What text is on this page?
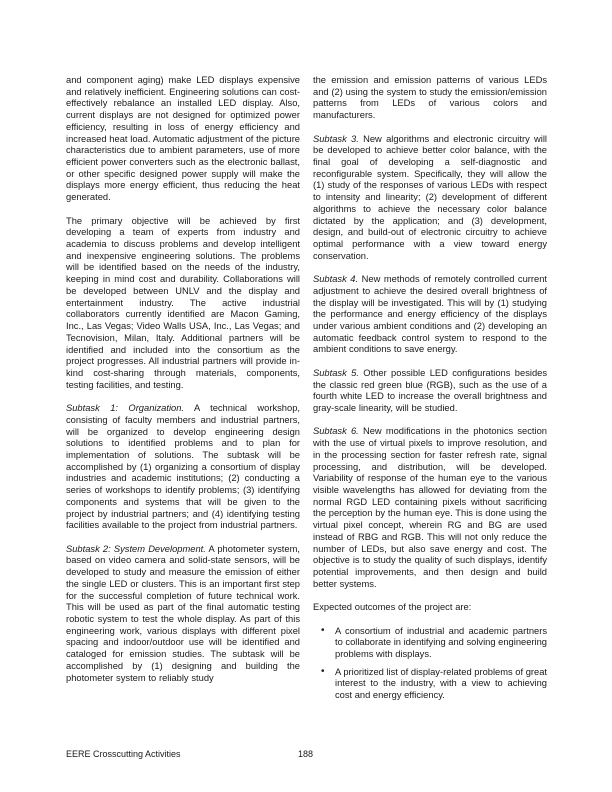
and component aging) make LED displays expensive and relatively inefficient. Engineering solutions can cost-effectively rebalance an installed LED display. Also, current displays are not designed for optimized power efficiency, resulting in loss of energy efficiency and increased heat load. Automatic adjustment of the picture characteristics due to ambient parameters, use of more efficient power converters such as the electronic ballast, or other specific designed power supply will make the displays more energy efficient, thus reducing the heat generated.

The primary objective will be achieved by first developing a team of experts from industry and academia to discuss problems and develop intelligent and inexpensive engineering solutions. The problems will be identified based on the needs of the industry, keeping in mind cost and durability. Collaborations will be developed between UNLV and the display and entertainment industry. The active industrial collaborators currently identified are Macon Gaming, Inc., Las Vegas; Video Walls USA, Inc., Las Vegas; and Tecnovision, Milan, Italy. Additional partners will be identified and included into the consortium as the project progresses. All industrial partners will provide in-kind cost-sharing through materials, components, testing facilities, and testing.

Subtask 1: Organization. A technical workshop, consisting of faculty members and industrial partners, will be organized to develop engineering design solutions to identified problems and to plan for implementation of solutions. The subtask will be accomplished by (1) organizing a consortium of display industries and academic institutions; (2) conducting a series of workshops to identify problems; (3) identifying components and systems that will be given to the project by industrial partners; and (4) identifying testing facilities available to the project from industrial partners.

Subtask 2: System Development. A photometer system, based on video camera and solid-state sensors, will be developed to study and measure the emission of either the single LED or clusters. This is an important first step for the successful completion of future technical work. This will be used as part of the final automatic testing robotic system to test the whole display. As part of this engineering work, various displays with different pixel spacing and indoor/outdoor use will be identified and cataloged for emission studies. The subtask will be accomplished by (1) designing and building the photometer system to reliably study

the emission and emission patterns of various LEDs and (2) using the system to study the emission/emission patterns from LEDs of various colors and manufacturers.

Subtask 3. New algorithms and electronic circuitry will be developed to achieve better color balance, with the final goal of developing a self-diagnostic and reconfigurable system. Specifically, they will allow the (1) study of the responses of various LEDs with respect to intensity and linearity; (2) development of different algorithms to achieve the necessary color balance dictated by the application; and (3) development, design, and build-out of electronic circuitry to achieve optimal performance with a view toward energy conservation.

Subtask 4. New methods of remotely controlled current adjustment to achieve the desired overall brightness of the display will be investigated. This will by (1) studying the performance and energy efficiency of the displays under various ambient conditions and (2) developing an automatic feedback control system to respond to the ambient conditions to save energy.

Subtask 5. Other possible LED configurations besides the classic red green blue (RGB), such as the use of a fourth white LED to increase the overall brightness and gray-scale linearity, will be studied.

Subtask 6. New modifications in the photonics section with the use of virtual pixels to improve resolution, and in the processing section for faster refresh rate, signal processing, and distribution, will be developed. Variability of response of the human eye to the various visible wavelengths has allowed for deviating from the normal RGD LED containing pixels without sacrificing the perception by the human eye. This is done using the virtual pixel concept, wherein RG and BG are used instead of RBG and RGB. This will not only reduce the number of LEDs, but also save energy and cost. The objective is to study the quality of such displays, identify potential improvements, and then design and build better systems.

Expected outcomes of the project are:

• A consortium of industrial and academic partners to collaborate in identifying and solving engineering problems with displays.
• A prioritized list of display-related problems of great interest to the industry, with a view to achieving cost and energy efficiency.
EERE Crosscutting Activities	188
